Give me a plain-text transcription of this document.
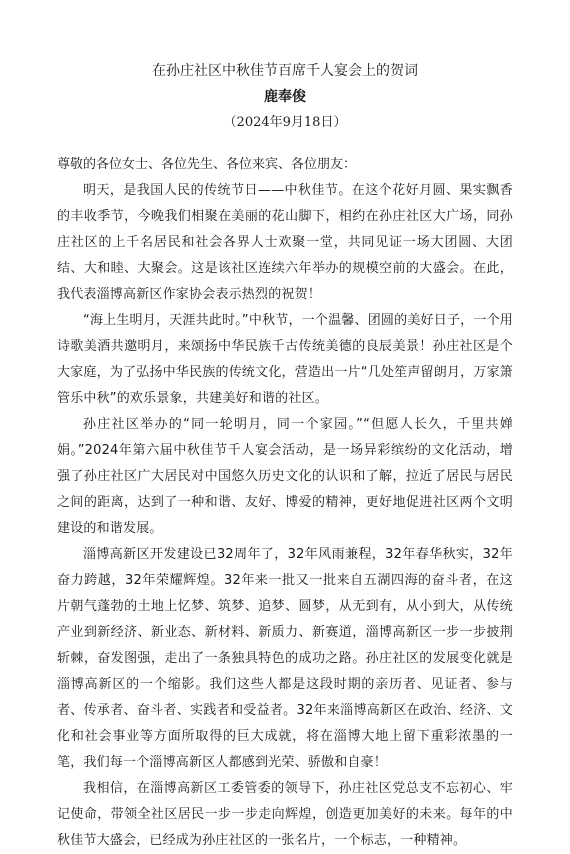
在孙庄社区中秋佳节百席千人宴会上的贺词
鹿奉俊
（2024年9月18日）

尊敬的各位女士、各位先生、各位来宾、各位朋友：

明天，是我国人民的传统节日——中秋佳节。在这个花好月圆、果实飘香的丰收季节，今晚我们相聚在美丽的花山脚下，相约在孙庄社区大广场，同孙庄社区的上千名居民和社会各界人士欢聚一堂，共同见证一场大团圆、大团结、大和睦、大聚会。这是该社区连续六年举办的规模空前的大盛会。在此，我代表淄博高新区作家协会表示热烈的祝贺！

“海上生明月，天涯共此时。”中秋节，一个温馨、团圆的美好日子，一个用诗歌美酒共邀明月，来颂扬中华民族千古传统美德的良辰美景！孙庄社区是个大家庭，为了弘扬中华民族的传统文化，营造出一片“几处笙声留朗月，万家箫管乐中秋”的欢乐景象，共建美好和谐的社区。

孙庄社区举办的“同一轮明月，同一个家园。”“但愿人长久，千里共婵娟。”2024年第六届中秋佳节千人宴会活动，是一场异彩缤纷的文化活动，增强了孙庄社区广大居民对中国悠久历史文化的认识和了解，拉近了居民与居民之间的距离，达到了一种和谐、友好、博爱的精神，更好地促进社区两个文明建设的和谐发展。

淄博高新区开发建设已32周年了，32年风雨兼程，32年春华秋实，32年奋力跨越，32年荣耀辉煌。32年来一批又一批来自五湖四海的奋斗者，在这片朝气蓬勃的土地上忆梦、筑梦、追梦、圆梦，从无到有，从小到大，从传统产业到新经济、新业态、新材料、新质力、新赛道，淄博高新区一步一步披荆斩棘，奋发图强，走出了一条独具特色的成功之路。孙庄社区的发展变化就是淄博高新区的一个缩影。我们这些人都是这段时期的亲历者、见证者、参与者、传承者、奋斗者、实践者和受益者。32年来淄博高新区在政治、经济、文化和社会事业等方面所取得的巨大成就，将在淄博大地上留下重彩浓墨的一笔，我们每一个淄博高新区人都感到光荣、骄傲和自豪！

我相信，在淄博高新区工委管委的领导下，孙庄社区党总支不忘初心、牢记使命，带领全社区居民一步一步走向辉煌，创造更加美好的未来。每年的中秋佳节大盛会，已经成为孙庄社区的一张名片，一个标志，一种精神。
